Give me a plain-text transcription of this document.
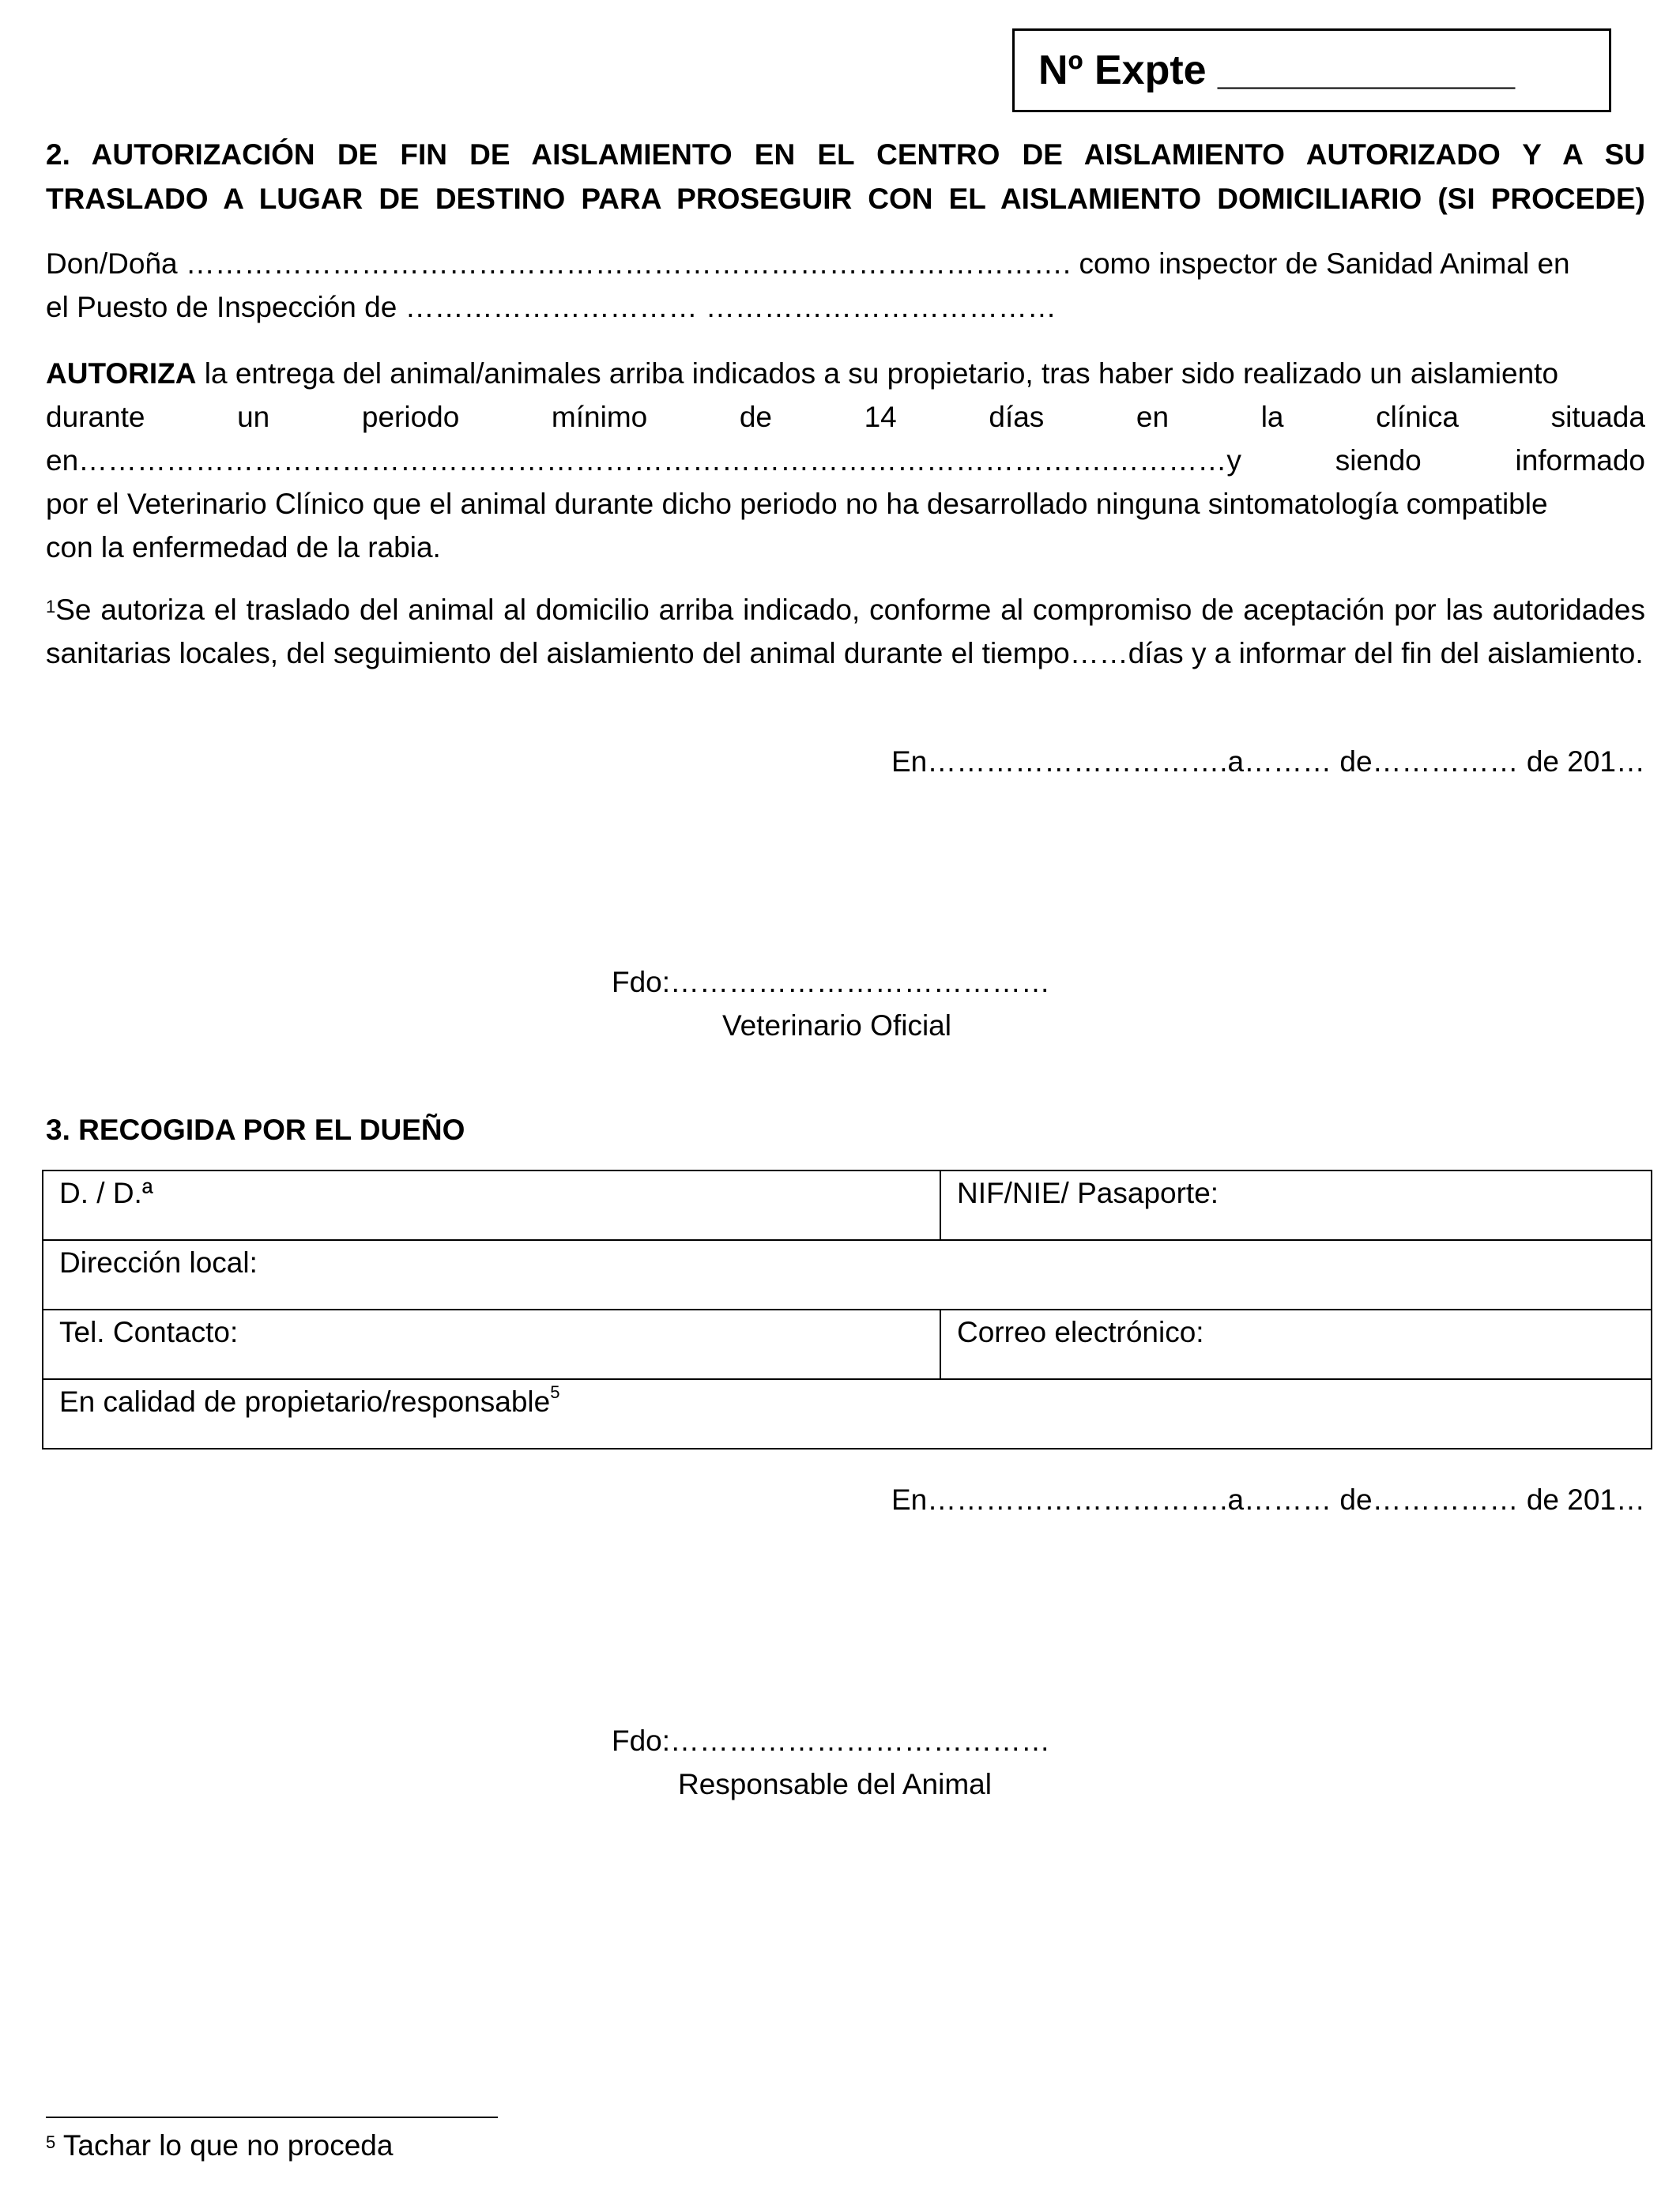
Nº Expte _____________
2. AUTORIZACIÓN DE FIN DE AISLAMIENTO EN EL CENTRO DE AISLAMIENTO AUTORIZADO Y A SU
TRASLADO A LUGAR DE DESTINO PARA PROSEGUIR CON EL AISLAMIENTO DOMICILIARIO (SI PROCEDE)
Don/Doña ………………………………………………………………………………. como inspector de Sanidad Animal en
el Puesto de Inspección de ………………………… ………………………………
AUTORIZA la entrega del animal/animales arriba indicados a su propietario, tras haber sido realizado un aislamiento
durante	un	periodo	mínimo	de	14	días	en	la	clínica	situada
en…………………………………………………………………………………………….…………y	siendo	informado
por el Veterinario Clínico que el animal durante dicho periodo no ha desarrollado ninguna sintomatología compatible
con la enfermedad de la rabia.
$^1$Se autoriza el traslado del animal al domicilio arriba indicado, conforme al compromiso de aceptación por las autoridades sanitarias locales, del seguimiento del aislamiento del animal durante el tiempo……días y a informar del fin del aislamiento.
En………………………….a……… de…………… de 201…
Fdo:…………………………………
Veterinario Oficial
3. RECOGIDA POR EL DUEÑO
D. / D.ª	NIF/NIE/ Pasaporte:
Dirección local:	
Tel. Contacto:	Correo electrónico:
En calidad de propietario/responsable$^5$
En………………………….a……… de…………… de 201…
Fdo:…………………………………
Responsable del Animal
$^5$ Tachar lo que no proceda
